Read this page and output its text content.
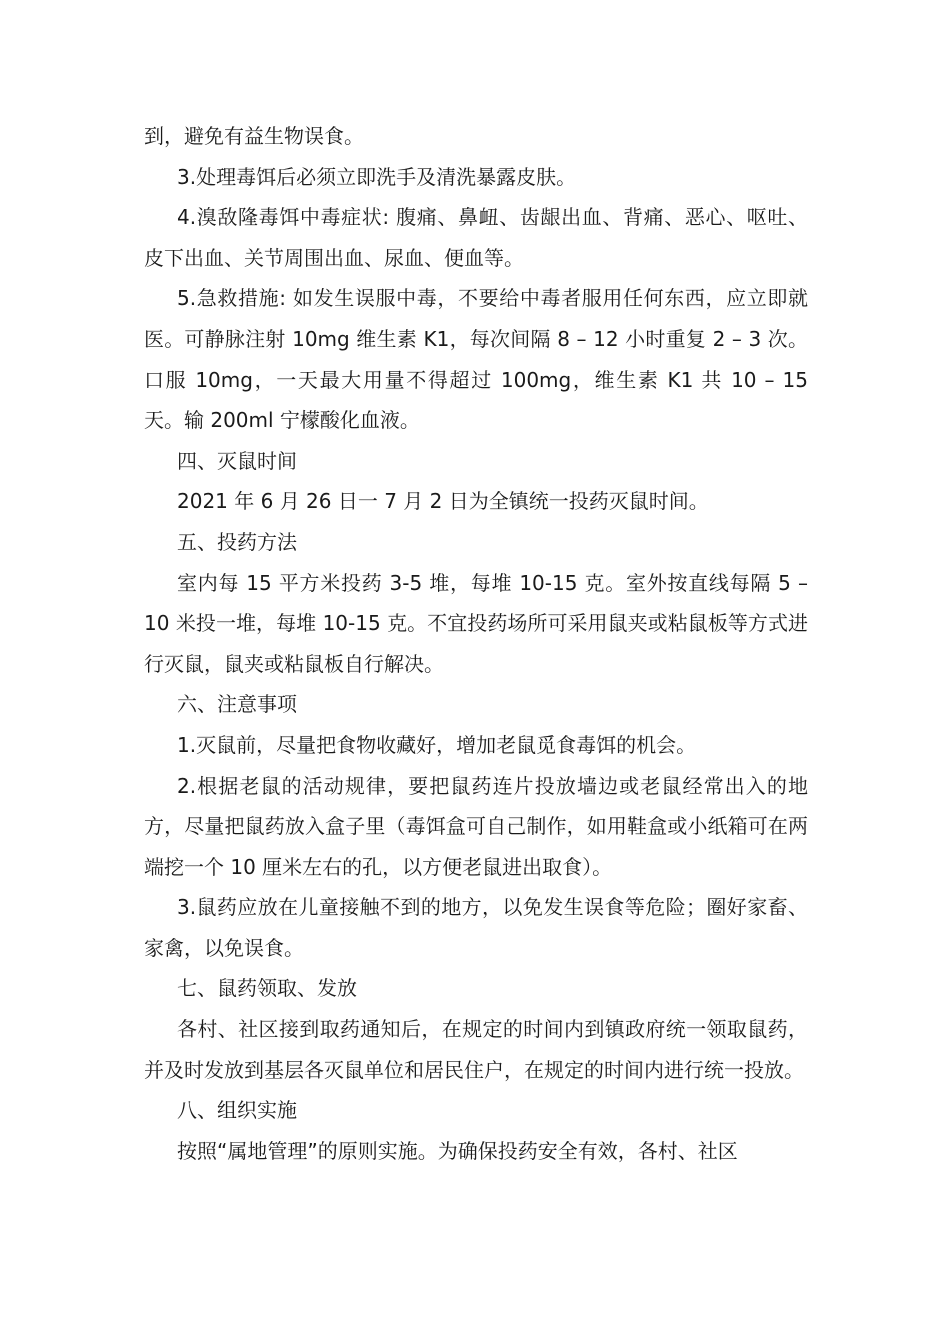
到，避免有益生物误食。

3.处理毒饵后必须立即洗手及清洗暴露皮肤。

4.溴敌隆毒饵中毒症状: 腹痛、鼻衄、齿龈出血、背痛、恶心、呕吐、皮下出血、关节周围出血、尿血、便血等。

5.急救措施: 如发生误服中毒，不要给中毒者服用任何东西，应立即就医。可静脉注射 10mg 维生素 K1，每次间隔 8 – 12 小时重复 2 – 3 次。口服 10mg，一天最大用量不得超过 100mg，维生素 K1 共 10 – 15 天。输 200ml 宁檬酸化血液。

四、灭鼠时间

2021 年 6 月 26 日一 7 月 2 日为全镇统一投药灭鼠时间。

五、投药方法

室内每 15 平方米投药 3-5 堆，每堆 10-15 克。室外按直线每隔 5 – 10 米投一堆，每堆 10-15 克。不宜投药场所可采用鼠夹或粘鼠板等方式进行灭鼠，鼠夹或粘鼠板自行解决。

六、注意事项

1.灭鼠前，尽量把食物收藏好，增加老鼠觅食毒饵的机会。

2.根据老鼠的活动规律，要把鼠药连片投放墙边或老鼠经常出入的地方，尽量把鼠药放入盒子里（毒饵盒可自己制作，如用鞋盒或小纸箱可在两端挖一个 10 厘米左右的孔，以方便老鼠进出取食）。

3.鼠药应放在儿童接触不到的地方，以免发生误食等危险；圈好家畜、家禽，以免误食。

七、鼠药领取、发放

各村、社区接到取药通知后，在规定的时间内到镇政府统一领取鼠药，并及时发放到基层各灭鼠单位和居民住户，在规定的时间内进行统一投放。

八、组织实施

按照“属地管理”的原则实施。为确保投药安全有效，各村、社区
